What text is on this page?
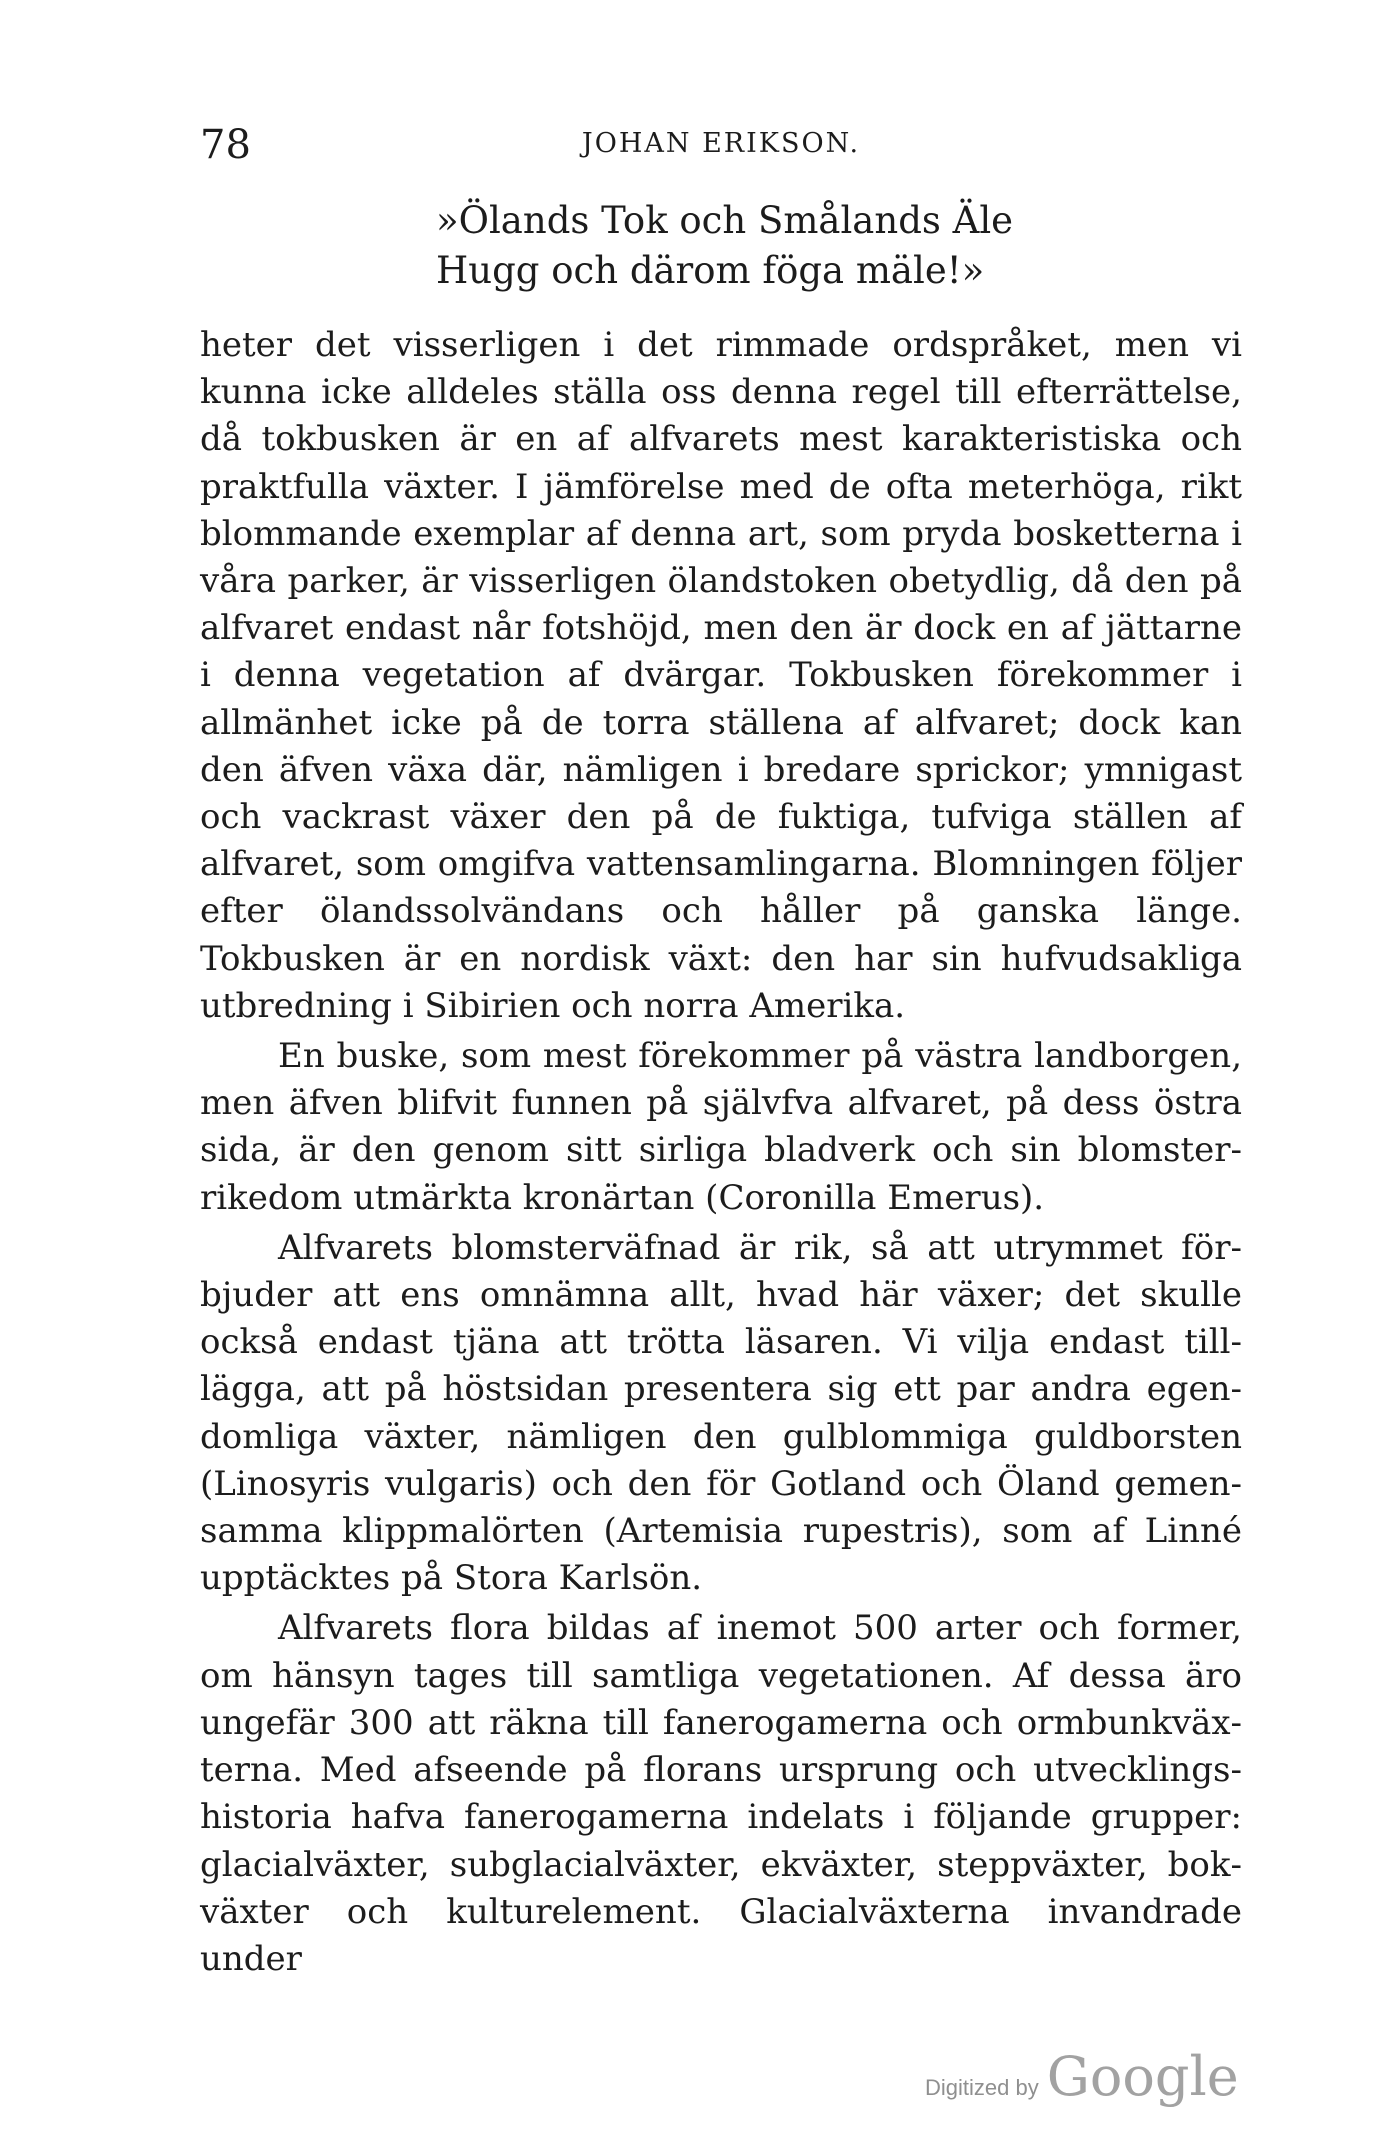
78	JOHAN ERIKSON.
»Ölands Tok och Smålands Äle
Hugg och därom föga mäle!»

heter det visserligen i det rimmade ordspråket, men vi kunna icke alldeles ställa oss denna regel till efterrättelse, då tokbusken är en af alfvarets mest karakteristiska och praktfulla växter. I jämförelse med de ofta meterhöga, rikt blommande exemplar af denna art, som pryda bosketterna i våra parker, är visserligen ölandstoken obetydlig, då den på alfvaret endast når fotshöjd, men den är dock en af jättarne i denna vegetation af dvärgar. Tokbusken förekommer i allmänhet icke på de torra ställena af alfvaret; dock kan den äfven växa där, nämligen i bredare sprickor; ymnigast och vackrast växer den på de fuktiga, tufviga ställen af alfvaret, som omgifva vattensamlingarna. Blomningen följer efter ölandssolvändans och håller på ganska länge. Tokbusken är en nordisk växt: den har sin hufvudsakliga utbredning i Sibirien och norra Amerika.

En buske, som mest förekommer på västra landborgen, men äfven blifvit funnen på självfva alfvaret, på dess östra sida, är den genom sitt sirliga bladverk och sin blomsterrikedom utmärkta kronärtan (Coronilla Emerus).

Alfvarets blomsterväfnad är rik, så att utrymmet förbjuder att ens omnämna allt, hvad här växer; det skulle också endast tjäna att trötta läsaren. Vi vilja endast tilllägga, att på höstsidan presentera sig ett par andra egendomliga växter, nämligen den gulblommiga guldborsten (Linosyris vulgaris) och den för Gotland och Öland gemensamma klippmalörten (Artemisia rupestris), som af Linné upptäcktes på Stora Karlsön.

Alfvarets flora bildas af inemot 500 arter och former, om hänsyn tages till samtliga vegetationen. Af dessa äro ungefär 300 att räkna till fanerogamerna och ormbunkväxterna. Med afseende på florans ursprung och utvecklingshistoria hafva fanerogamerna indelats i följande grupper: glacialväxter, subglacialväxter, ekväxter, steppväxter, bokväxter och kulturelement. Glacialväxterna invandrade under

Digitized by Google
